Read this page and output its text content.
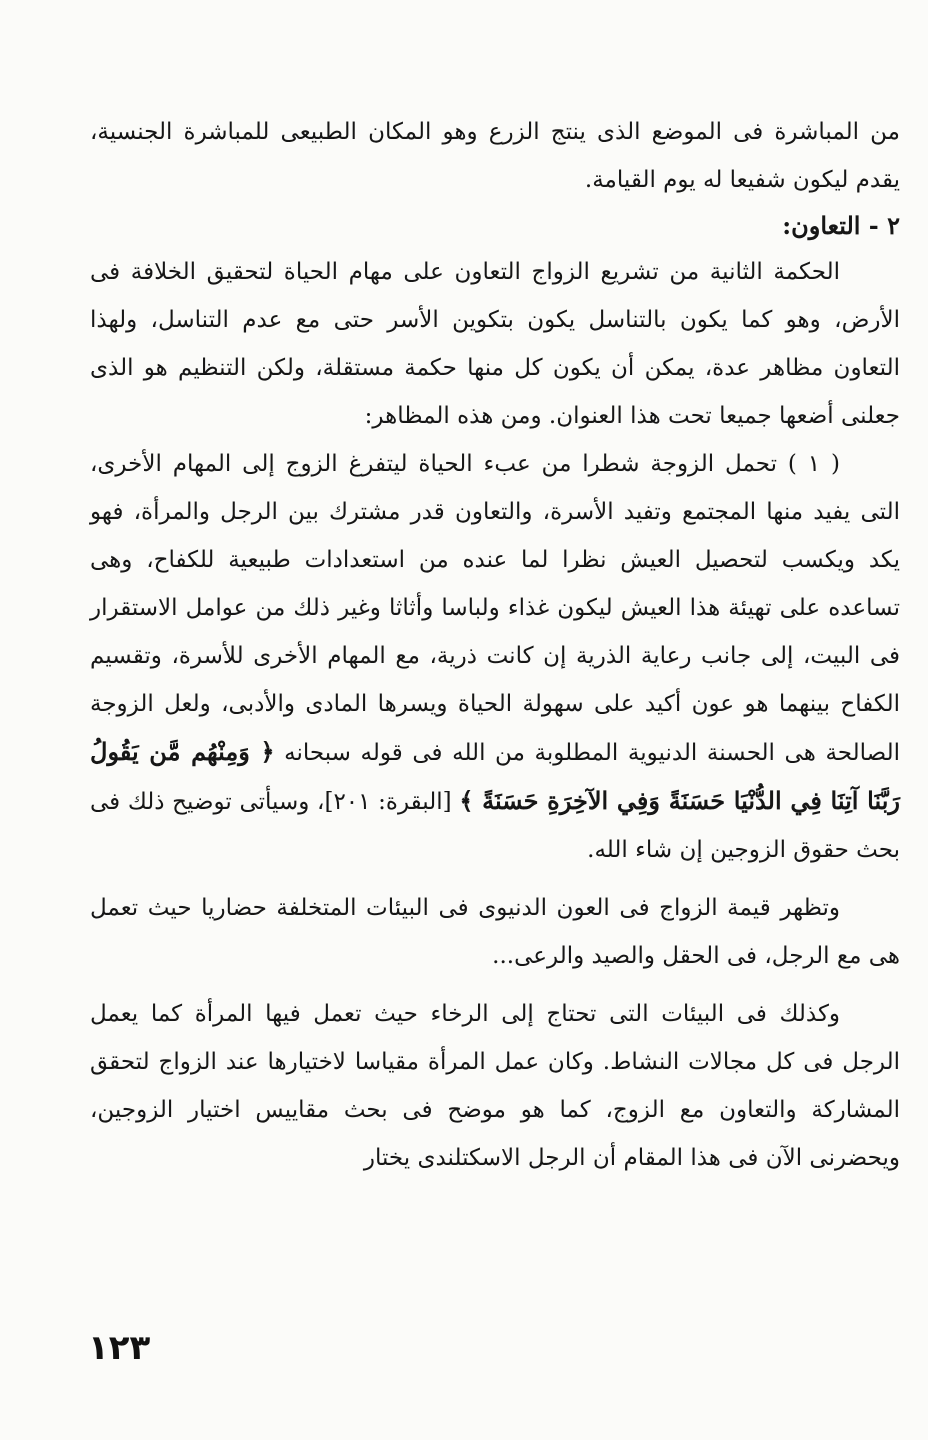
من المباشرة فى الموضع الذى ينتج الزرع وهو المكان الطبيعى للمباشرة الجنسية، يقدم ليكون شفيعا له يوم القيامة.

٢ - التعاون:

الحكمة الثانية من تشريع الزواج التعاون على مهام الحياة لتحقيق الخلافة فى الأرض، وهو كما يكون بالتناسل يكون بتكوين الأسر حتى مع عدم التناسل، ولهذا التعاون مظاهر عدة، يمكن أن يكون كل منها حكمة مستقلة، ولكن التنظيم هو الذى جعلنى أضعها جميعا تحت هذا العنوان. ومن هذه المظاهر:

( ١ ) تحمل الزوجة شطرا من عبء الحياة ليتفرغ الزوج إلى المهام الأخرى، التى يفيد منها المجتمع وتفيد الأسرة، والتعاون قدر مشترك بين الرجل والمرأة، فهو يكد ويكسب لتحصيل العيش نظرا لما عنده من استعدادات طبيعية للكفاح، وهى تساعده على تهيئة هذا العيش ليكون غذاء ولباسا وأثاثا وغير ذلك من عوامل الاستقرار فى البيت، إلى جانب رعاية الذرية إن كانت ذرية، مع المهام الأخرى للأسرة، وتقسيم الكفاح بينهما هو عون أكيد على سهولة الحياة ويسرها المادى والأدبى، ولعل الزوجة الصالحة هى الحسنة الدنيوية المطلوبة من الله فى قوله سبحانه ﴿ وَمِنْهُم مَّن يَقُولُ رَبَّنَا آتِنَا فِي الدُّنْيَا حَسَنَةً وَفِي الآخِرَةِ حَسَنَةً ﴾ [البقرة: ٢٠١]، وسيأتى توضيح ذلك فى بحث حقوق الزوجين إن شاء الله.

وتظهر قيمة الزواج فى العون الدنيوى فى البيئات المتخلفة حضاريا حيث تعمل هى مع الرجل، فى الحقل والصيد والرعى...

وكذلك فى البيئات التى تحتاج إلى الرخاء حيث تعمل فيها المرأة كما يعمل الرجل فى كل مجالات النشاط. وكان عمل المرأة مقياسا لاختيارها عند الزواج لتحقق المشاركة والتعاون مع الزوج، كما هو موضح فى بحث مقاييس اختيار الزوجين، ويحضرنى الآن فى هذا المقام أن الرجل الاسكتلندى يختار

١٢٣
